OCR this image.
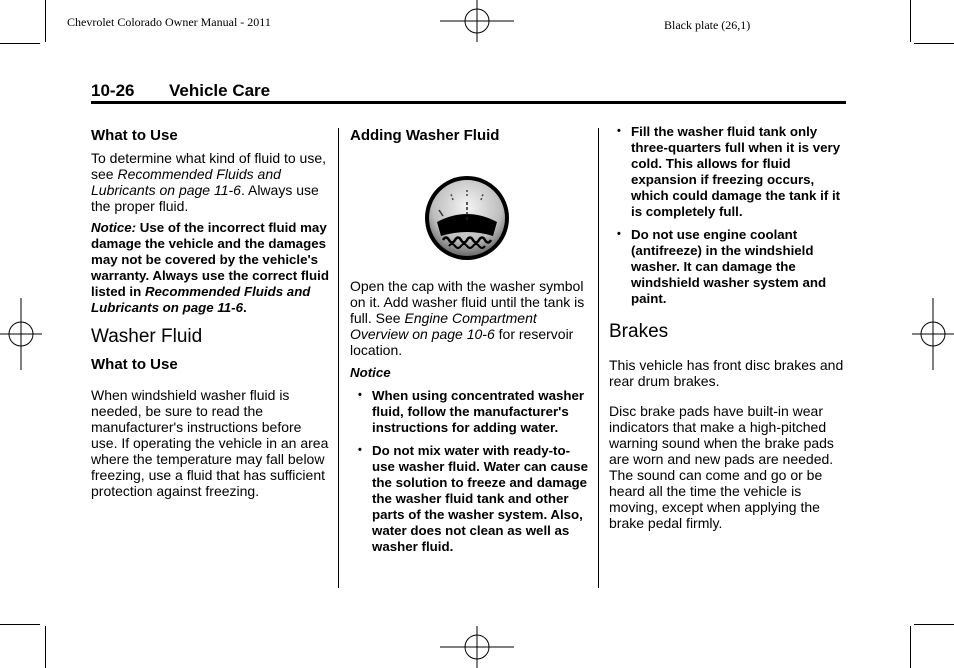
Chevrolet Colorado Owner Manual - 2011	Black plate (26,1)
10-26 Vehicle Care
What to Use

To determine what kind of fluid to use, see Recommended Fluids and Lubricants on page 11-6. Always use the proper fluid.

Notice: Use of the incorrect fluid may damage the vehicle and the damages may not be covered by the vehicle's warranty. Always use the correct fluid listed in Recommended Fluids and Lubricants on page 11-6.

Washer Fluid
What to Use

When windshield washer fluid is needed, be sure to read the manufacturer's instructions before use. If operating the vehicle in an area where the temperature may fall below freezing, use a fluid that has sufficient protection against freezing.

Adding Washer Fluid

Open the cap with the washer symbol on it. Add washer fluid until the tank is full. See Engine Compartment Overview on page 10-6 for reservoir location.

Notice
• When using concentrated washer fluid, follow the manufacturer's instructions for adding water.
• Do not mix water with ready-to-use washer fluid. Water can cause the solution to freeze and damage the washer fluid tank and other parts of the washer system. Also, water does not clean as well as washer fluid.
• Fill the washer fluid tank only three-quarters full when it is very cold. This allows for fluid expansion if freezing occurs, which could damage the tank if it is completely full.
• Do not use engine coolant (antifreeze) in the windshield washer. It can damage the windshield washer system and paint.
Brakes

This vehicle has front disc brakes and rear drum brakes.

Disc brake pads have built-in wear indicators that make a high-pitched warning sound when the brake pads are worn and new pads are needed. The sound can come and go or be heard all the time the vehicle is moving, except when applying the brake pedal firmly.
